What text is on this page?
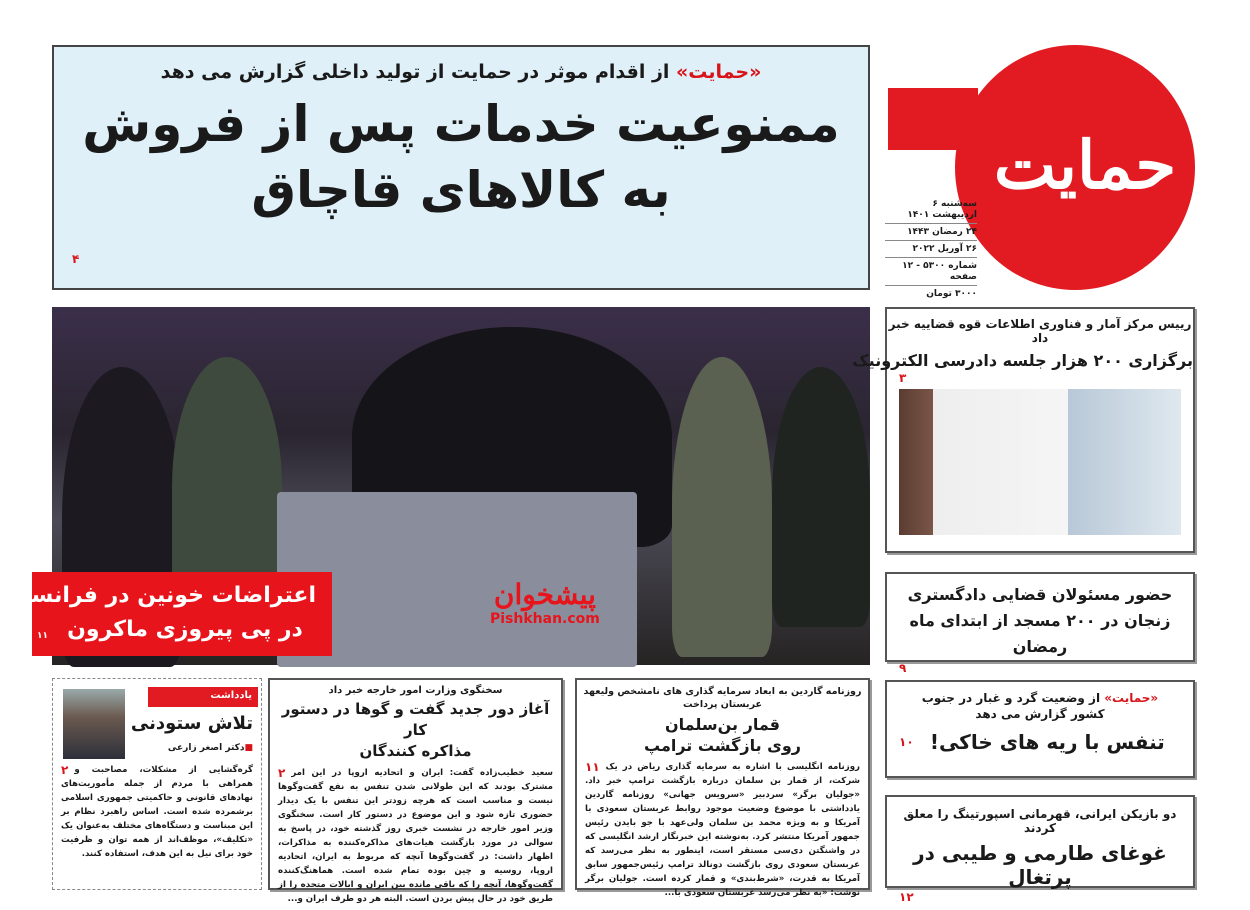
«حمایت» از اقدام موثر در حمایت از تولید داخلی گزارش می دهد
ممنوعیت خدمات پس از فروش
به کالاهای قاچاق
۴
حمایت
سه‌شنبه ۶ اردیبهشت ۱۴۰۱
۲۴ رمضان ۱۴۴۳
۲۶ آوریل ۲۰۲۲
شماره ۵۳۰۰ - ۱۲ صفحه
۳۰۰۰ تومان
اعتراضات خونین در فرانسه
در پی پیروزی ماکرون
۱۱
پیشخوان
Pishkhan.com
رییس مرکز آمار و فناوری اطلاعات قوه قضاییه خبر داد
برگزاری ۲۰۰ هزار جلسه دادرسی الکترونیک
۳
حضور مسئولان قضایی دادگستری زنجان در ۲۰۰ مسجد از ابتدای ماه رمضان
۹
«حمایت» از وضعیت گرد و غبار در جنوب کشور گزارش می دهد
۱۰ تنفس با ریه های خاکی!
دو بازیکن ایرانی، قهرمانی اسپورتینگ را معلق کردند
غوغای طارمی و طیبی در پرتغال
۱۲
روزنامه گاردین به ابعاد سرمایه گذاری های نامشخص ولیعهد عربستان پرداخت
قمار بن‌سلمان
روی بازگشت ترامپ
۱۱ روزنامه انگلیسی با اشاره به سرمایه گذاری ریاض در یک شرکت، از قمار بن سلمان درباره بازگشت ترامپ خبر داد. «جولیان برگر» سردبیر «سرویس جهانی» روزنامه گاردین یادداشتی با موضوع وضعیت موجود روابط عربستان سعودی با آمریکا و به ویژه محمد بن سلمان ولی‌عهد با جو بایدن رئیس جمهور آمریکا منتشر کرد. به‌نوشته این خبرنگار ارشد انگلیسی که در واشنگتن دی‌سی مستقر است، اینطور به نظر می‌رسد که عربستان سعودی روی بازگشت دونالد ترامپ رئیس‌جمهور سابق آمریکا به قدرت، «شرط‌بندی» و قمار کرده است. جولیان برگر نوشت: «به نظر می‌رسد عربستان سعودی با...
سخنگوی وزارت امور خارجه خبر داد
آغاز دور جدید گفت و گوها در دستور کار
مذاکره کنندگان
۲ سعید خطیب‌زاده گفت: ایران و اتحادیه اروپا در این امر مشترک بودند که این طولانی شدن تنفس به نفع گفت‌وگوها نیست و مناسب است که هرچه زودتر این تنفس با یک دیدار حضوری تازه شود و این موضوع در دستور کار است. سخنگوی وزیر امور خارجه در نشست خبری روز گذشته خود، در پاسخ به سوالی در مورد بازگشت هیات‌های مذاکره‌کننده به مذاکرات، اظهار داشت: در گفت‌وگوها آنچه که مربوط به ایران، اتحادیه اروپا، روسیه و چین بوده تمام شده است. هماهنگ‌کننده گفت‌وگوها، آنچه را که باقی مانده بین ایران و ایالات متحده را از طریق خود در حال پیش بردن است. البته هر دو طرف ایران و...
یادداشت
تلاش ستودنی
■دکتر اصغر زارعی
۲ گره‌گشایی از مشکلات، مصاحبت و همراهی با مردم از جمله مأموریت‌های نهادهای قانونی و حاکمیتی جمهوری اسلامی برشمرده شده است. اساس راهبرد نظام بر این مبناست و دستگاه‌های مختلف به‌عنوان یک «تکلیف»، موظف‌اند از همه توان و ظرفیت خود برای نیل به این هدف، استفاده کنند.
